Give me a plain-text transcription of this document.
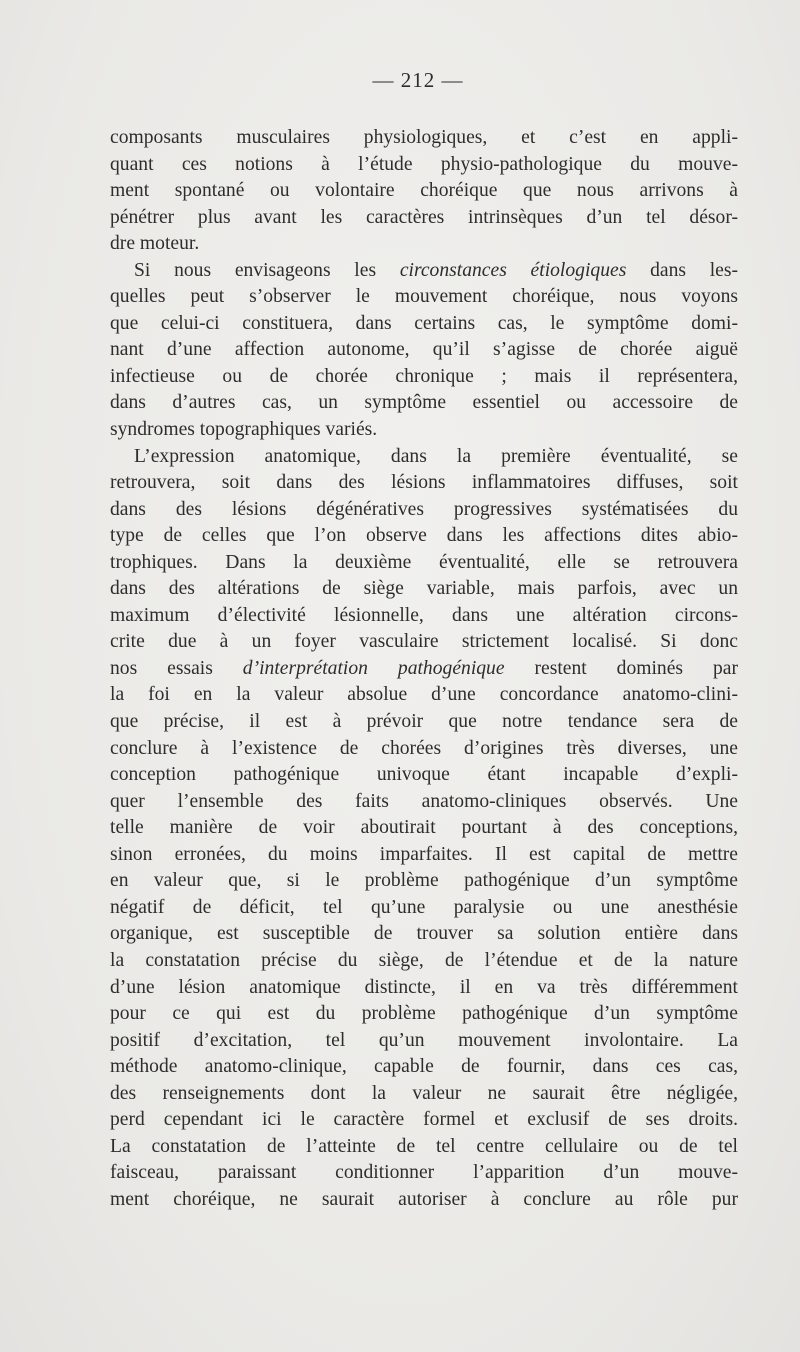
— 212 —
composants musculaires physiologiques, et c’est en appli-
quant ces notions à l’étude physio-pathologique du mouve-
ment spontané ou volontaire choréique que nous arrivons à
pénétrer plus avant les caractères intrinsèques d’un tel désor-
dre moteur.
Si nous envisageons les circonstances étiologiques dans les-
quelles peut s’observer le mouvement choréique, nous voyons
que celui-ci constituera, dans certains cas, le symptôme domi-
nant d’une affection autonome, qu’il s’agisse de chorée aiguë
infectieuse ou de chorée chronique ; mais il représentera,
dans d’autres cas, un symptôme essentiel ou accessoire de
syndromes topographiques variés.
L’expression anatomique, dans la première éventualité, se
retrouvera, soit dans des lésions inflammatoires diffuses, soit
dans des lésions dégénératives progressives systématisées du
type de celles que l’on observe dans les affections dites abio-
trophiques. Dans la deuxième éventualité, elle se retrouvera
dans des altérations de siège variable, mais parfois, avec un
maximum d’électivité lésionnelle, dans une altération circons-
crite due à un foyer vasculaire strictement localisé. Si donc
nos essais d’interprétation pathogénique restent dominés par
la foi en la valeur absolue d’une concordance anatomo-clini-
que précise, il est à prévoir que notre tendance sera de
conclure à l’existence de chorées d’origines très diverses, une
conception pathogénique univoque étant incapable d’expli-
quer l’ensemble des faits anatomo-cliniques observés. Une
telle manière de voir aboutirait pourtant à des conceptions,
sinon erronées, du moins imparfaites. Il est capital de mettre
en valeur que, si le problème pathogénique d’un symptôme
négatif de déficit, tel qu’une paralysie ou une anesthésie
organique, est susceptible de trouver sa solution entière dans
la constatation précise du siège, de l’étendue et de la nature
d’une lésion anatomique distincte, il en va très différemment
pour ce qui est du problème pathogénique d’un symptôme
positif d’excitation, tel qu’un mouvement involontaire. La
méthode anatomo-clinique, capable de fournir, dans ces cas,
des renseignements dont la valeur ne saurait être négligée,
perd cependant ici le caractère formel et exclusif de ses droits.
La constatation de l’atteinte de tel centre cellulaire ou de tel
faisceau, paraissant conditionner l’apparition d’un mouve-
ment choréique, ne saurait autoriser à conclure au rôle pur
